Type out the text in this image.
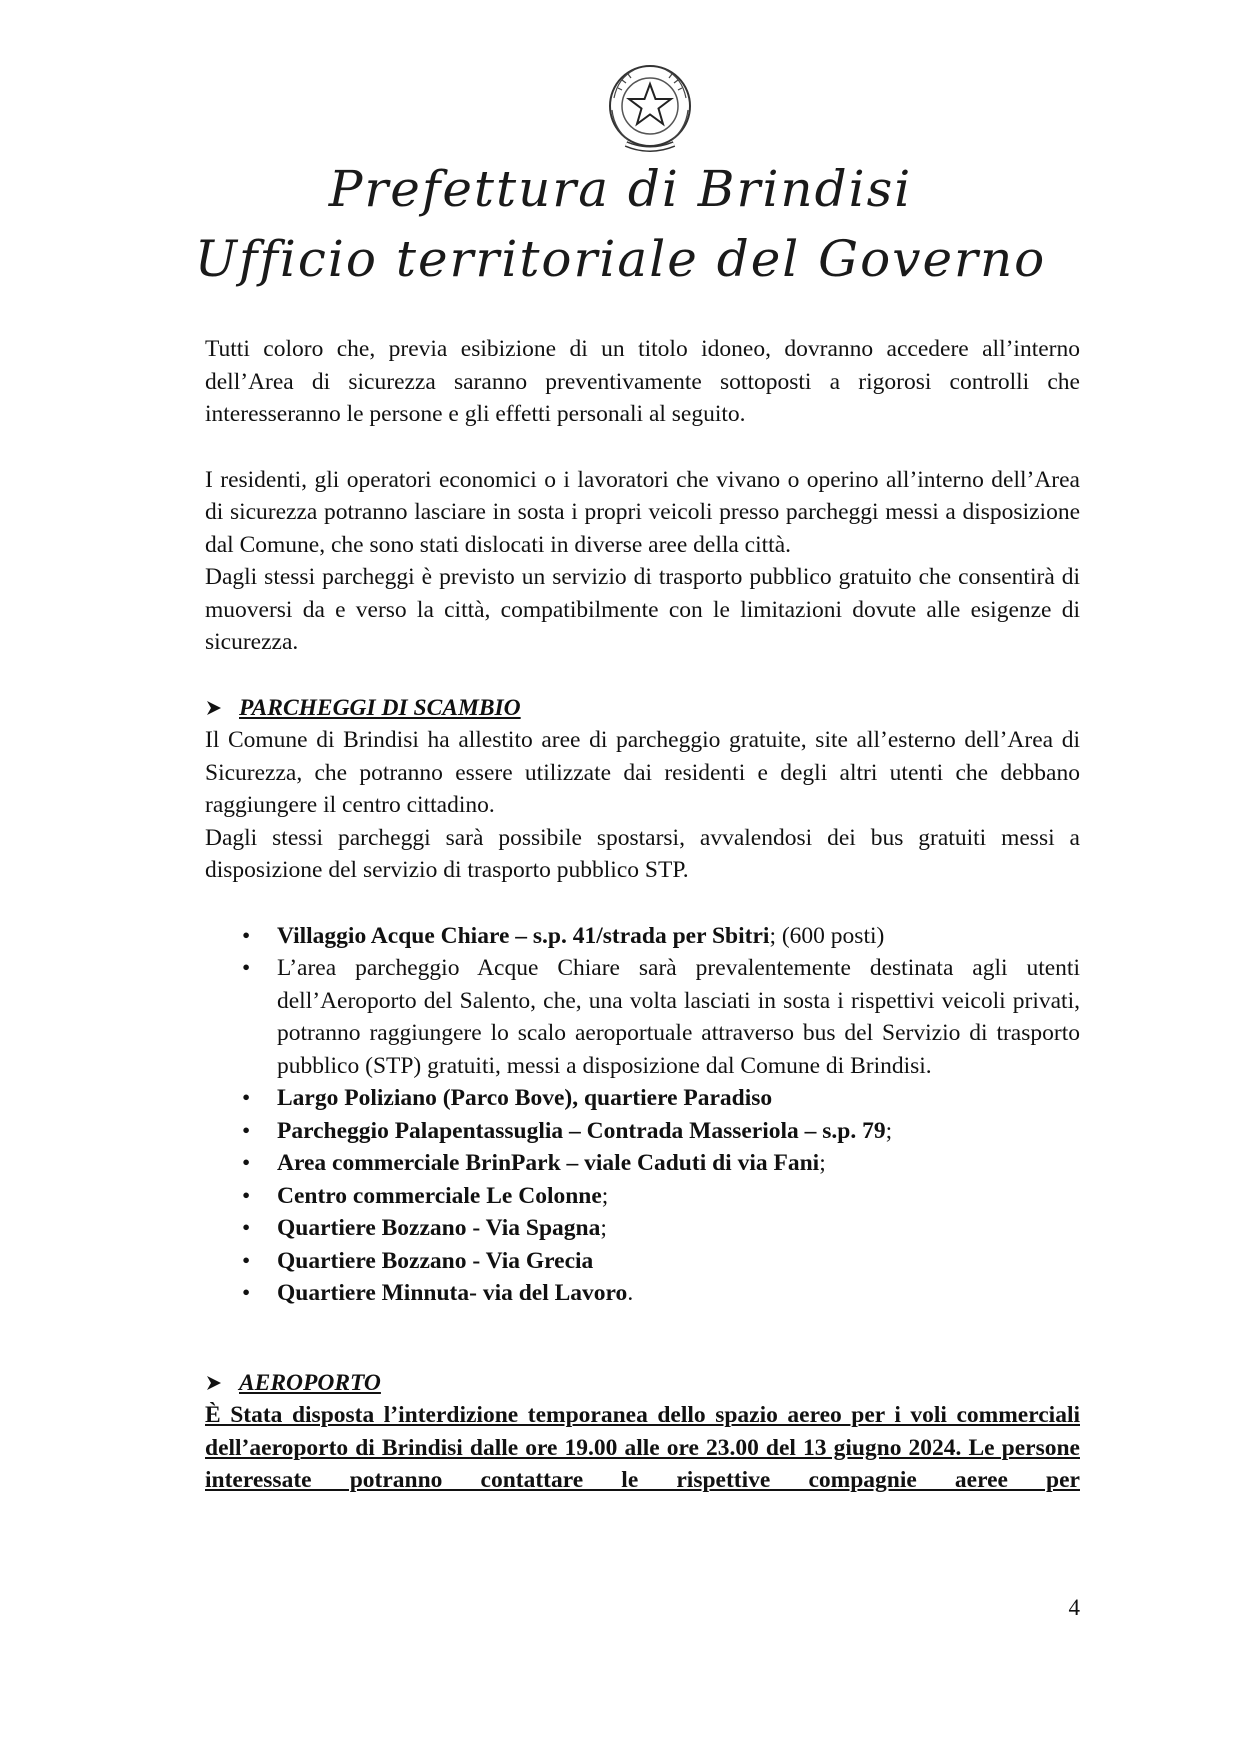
Prefettura di Brindisi
Ufficio territoriale del Governo

Tutti coloro che, previa esibizione di un titolo idoneo, dovranno accedere all’interno dell’Area di sicurezza saranno preventivamente sottoposti a rigorosi controlli che interesseranno le persone e gli effetti personali al seguito.

I residenti, gli operatori economici o i lavoratori che vivano o operino all’interno dell’Area di sicurezza potranno lasciare in sosta i propri veicoli presso parcheggi messi a disposizione dal Comune, che sono stati dislocati in diverse aree della città.

Dagli stessi parcheggi è previsto un servizio di trasporto pubblico gratuito che consentirà di muoversi da e verso la città, compatibilmente con le limitazioni dovute alle esigenze di sicurezza.

PARCHEGGI DI SCAMBIO

Il Comune di Brindisi ha allestito aree di parcheggio gratuite, site all’esterno dell’Area di Sicurezza, che potranno essere utilizzate dai residenti e degli altri utenti che debbano raggiungere il centro cittadino.

Dagli stessi parcheggi sarà possibile spostarsi, avvalendosi dei bus gratuiti messi a disposizione del servizio di trasporto pubblico STP.

• Villaggio Acque Chiare – s.p. 41/strada per Sbitri; (600 posti)
• L’area parcheggio Acque Chiare sarà prevalentemente destinata agli utenti dell’Aeroporto del Salento, che, una volta lasciati in sosta i rispettivi veicoli privati, potranno raggiungere lo scalo aeroportuale attraverso bus del Servizio di trasporto pubblico (STP) gratuiti, messi a disposizione dal Comune di Brindisi.
• Largo Poliziano (Parco Bove), quartiere Paradiso
• Parcheggio Palapentassuglia – Contrada Masseriola – s.p. 79;
• Area commerciale BrinPark – viale Caduti di via Fani;
• Centro commerciale Le Colonne;
• Quartiere Bozzano - Via Spagna;
• Quartiere Bozzano - Via Grecia
• Quartiere Minnuta- via del Lavoro.
AEROPORTO

È Stata disposta l’interdizione temporanea dello spazio aereo per i voli commerciali dell’aeroporto di Brindisi dalle ore 19.00 alle ore 23.00 del 13 giugno 2024. Le persone interessate potranno contattare le rispettive compagnie aeree per

4
